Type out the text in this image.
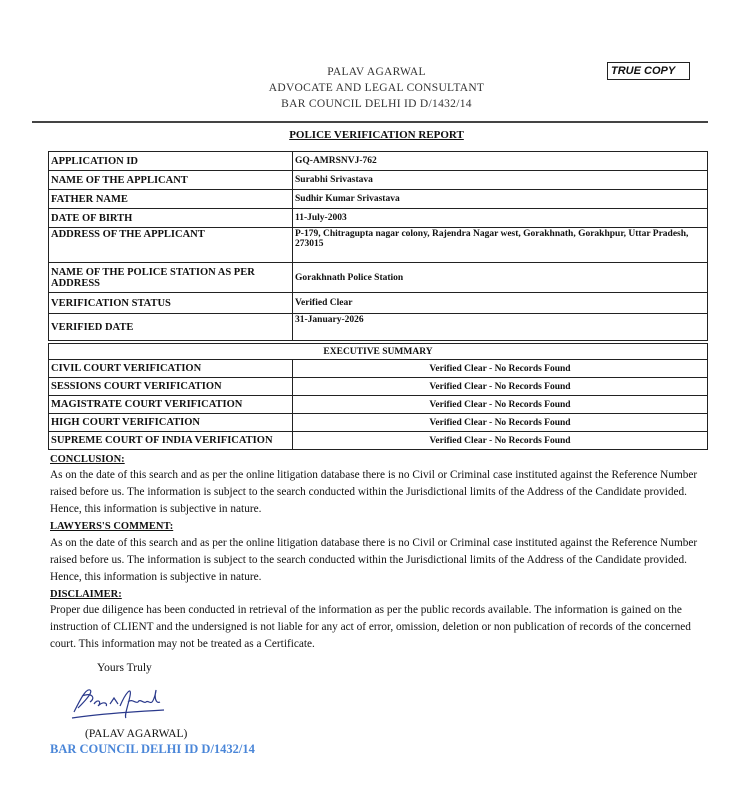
PALAV AGARWAL
ADVOCATE AND LEGAL CONSULTANT
BAR COUNCIL DELHI ID D/1432/14
TRUE COPY
POLICE VERIFICATION REPORT
APPLICATION ID	GQ-AMRSNVJ-762
NAME OF THE APPLICANT	Surabhi Srivastava
FATHER NAME	Sudhir Kumar Srivastava
DATE OF BIRTH	11-July-2003
ADDRESS OF THE APPLICANT	P-179, Chitragupta nagar colony, Rajendra Nagar west, Gorakhnath, Gorakhpur, Uttar Pradesh, 273015
NAME OF THE POLICE STATION AS PER ADDRESS	Gorakhnath Police Station
VERIFICATION STATUS	Verified Clear
VERIFIED DATE	31-January-2026
EXECUTIVE SUMMARY	
CIVIL COURT VERIFICATION	Verified Clear - No Records Found
SESSIONS COURT VERIFICATION	Verified Clear - No Records Found
MAGISTRATE COURT VERIFICATION	Verified Clear - No Records Found
HIGH COURT VERIFICATION	Verified Clear - No Records Found
SUPREME COURT OF INDIA VERIFICATION	Verified Clear - No Records Found
CONCLUSION:
As on the date of this search and as per the online litigation database there is no Civil or Criminal case instituted against the Reference Number raised before us. The information is subject to the search conducted within the Jurisdictional limits of the Address of the Candidate provided. Hence, this information is subjective in nature.
LAWYERS'S COMMENT:
As on the date of this search and as per the online litigation database there is no Civil or Criminal case instituted against the Reference Number raised before us. The information is subject to the search conducted within the Jurisdictional limits of the Address of the Candidate provided. Hence, this information is subjective in nature.
DISCLAIMER:
Proper due diligence has been conducted in retrieval of the information as per the public records available. The information is gained on the instruction of CLIENT and the undersigned is not liable for any act of error, omission, deletion or non publication of records of the concerned court. This information may not be treated as a Certificate.
Yours Truly
(PALAV AGARWAL)
BAR COUNCIL DELHI ID D/1432/14
